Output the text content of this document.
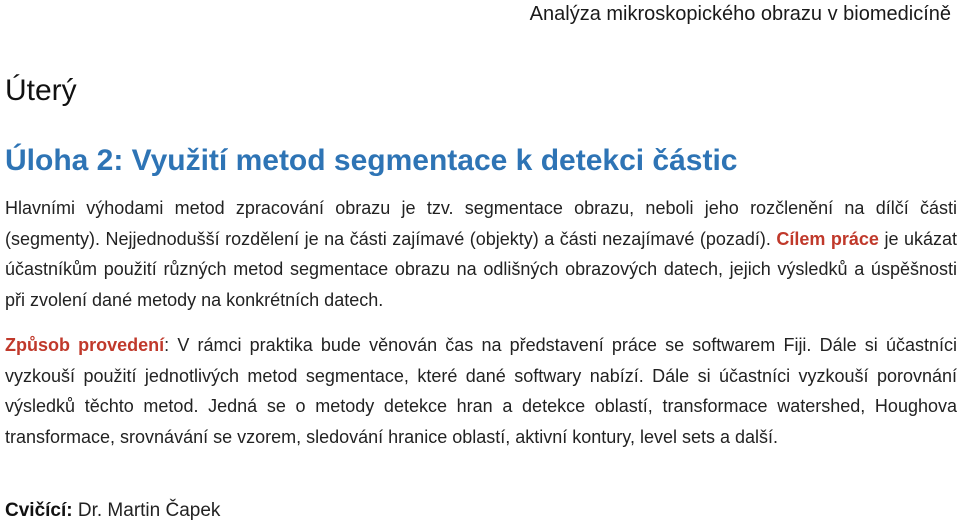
Analýza mikroskopického obrazu v biomedicíně
Úterý
Úloha 2: Využití metod segmentace k detekci částic

Hlavními výhodami metod zpracování obrazu je tzv. segmentace obrazu, neboli jeho rozčlenění na dílčí části (segmenty). Nejjednodušší rozdělení je na části zajímavé (objekty) a části nezajímavé (pozadí). Cílem práce je ukázat účastníkům použití různých metod segmentace obrazu na odlišných obrazových datech, jejich výsledků a úspěšnosti při zvolení dané metody na konkrétních datech.

Způsob provedení: V rámci praktika bude věnován čas na představení práce se softwarem Fiji. Dále si účastníci vyzkouší použití jednotlivých metod segmentace, které dané softwary nabízí. Dále si účastníci vyzkouší porovnání výsledků těchto metod. Jedná se o metody detekce hran a detekce oblastí, transformace watershed, Houghova transformace, srovnávání se vzorem, sledování hranice oblastí, aktivní kontury, level sets a další.

Cvičící: Dr. Martin Čapek
